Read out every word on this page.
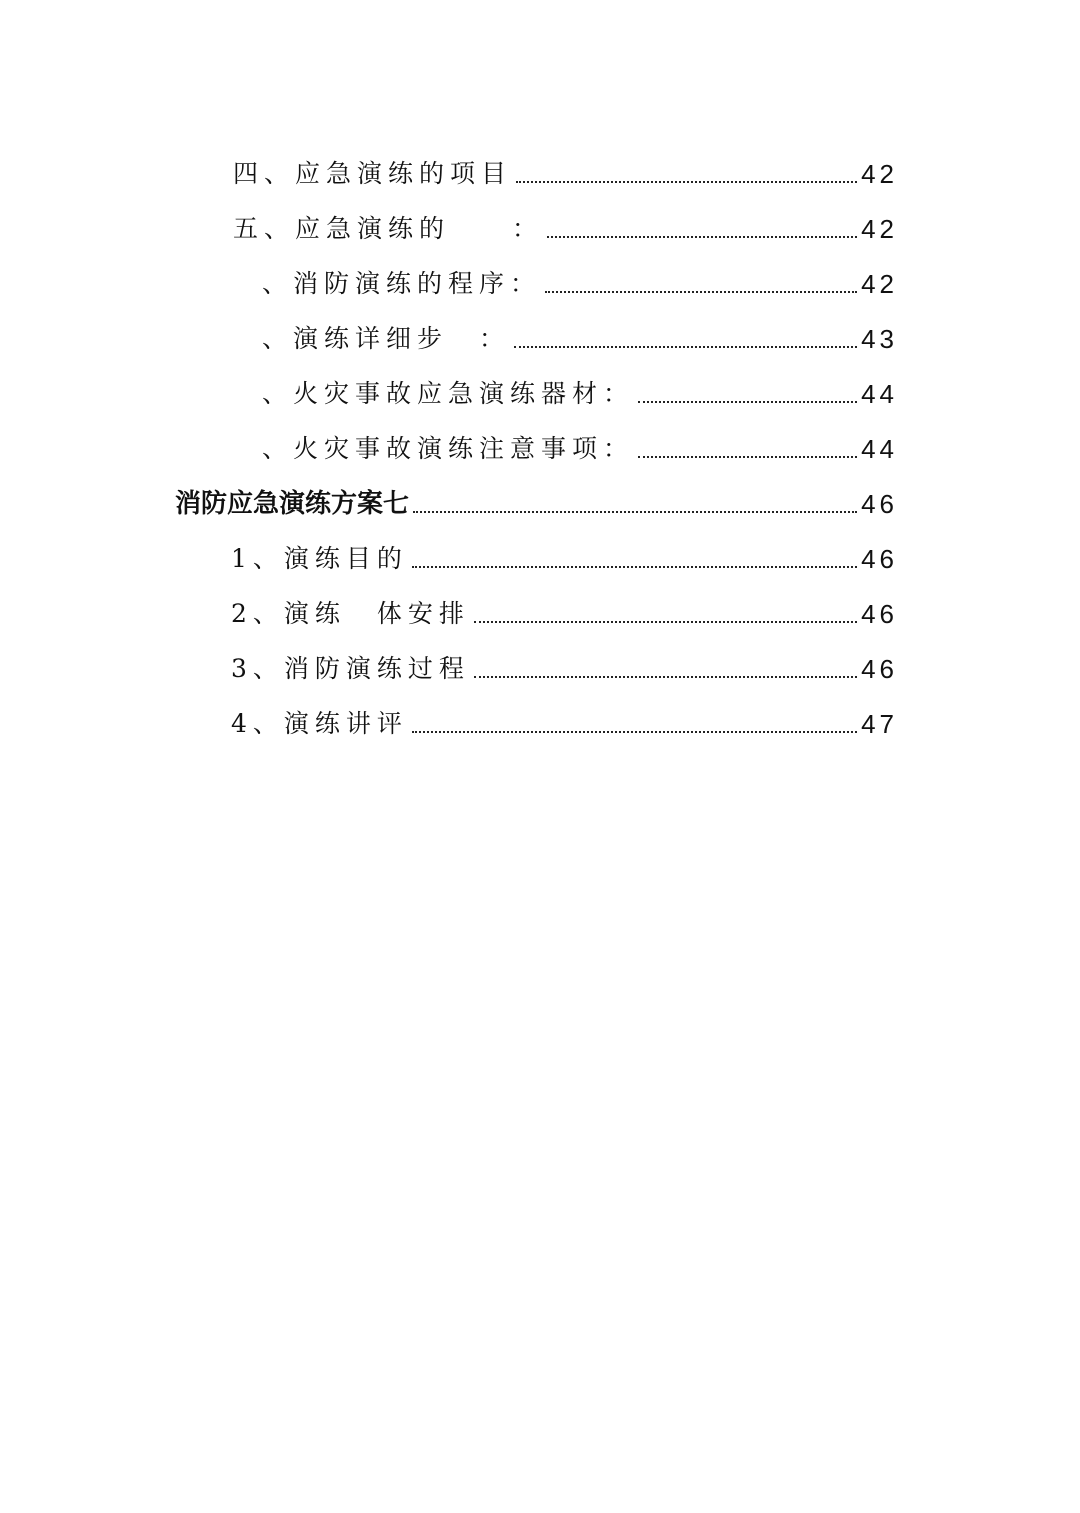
四、应急演练的项目	42
五、应急演练的　　：	42
、消防演练的程序：	42
、演练详细步　：	43
、火灾事故应急演练器材：	44
、火灾事故演练注意事项：	44
消防应急演练方案七	46
1、演练目的	46
2、演练　体安排	46
3、消防演练过程	46
4、演练讲评	47
